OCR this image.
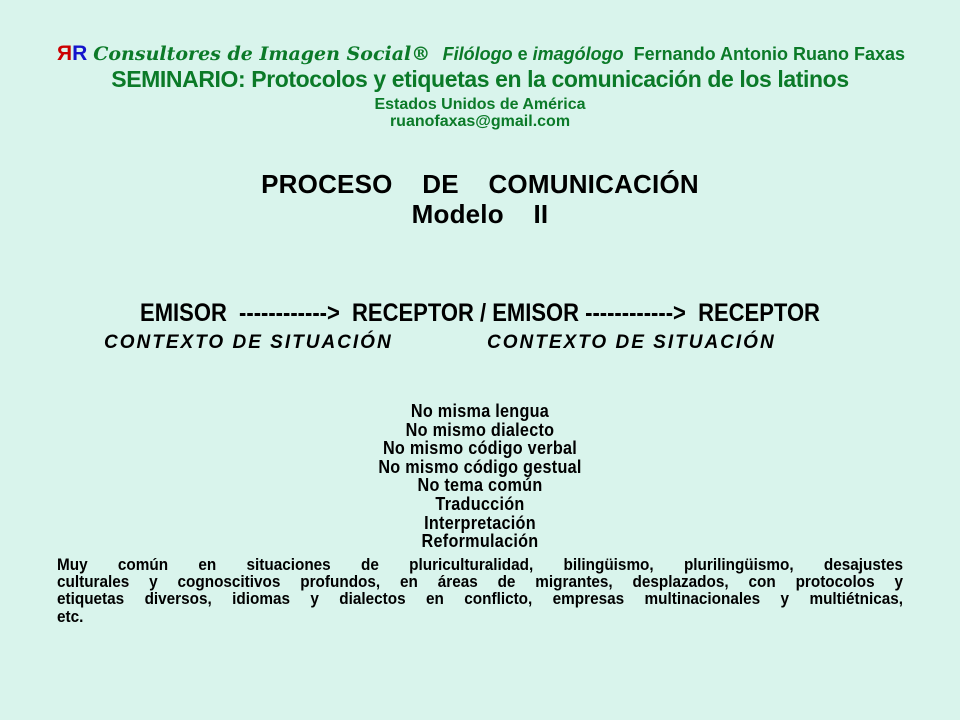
ЯR Consultores de Imagen Social® Filólogo e imagólogo  Fernando Antonio Ruano Faxas
SEMINARIO: Protocolos y etiquetas en la comunicación de los latinos
Estados Unidos de América
ruanofaxas@gmail.com
PROCESO    DE    COMUNICACIÓN
Modelo    II
EMISOR  ------------>  RECEPTOR / EMISOR ------------>  RECEPTOR
CONTEXTO DE SITUACIÓN	CONTEXTO DE SITUACIÓN
No misma lengua
No mismo dialecto
No mismo código verbal
No mismo código gestual
No tema común
Traducción
Interpretación
Reformulación
Muy común en situaciones de pluriculturalidad, bilingüismo, plurilingüismo, desajustes
culturales y cognoscitivos profundos, en áreas de migrantes, desplazados, con protocolos y
etiquetas diversos, idiomas y dialectos en conflicto, empresas multinacionales y multiétnicas,
etc.
